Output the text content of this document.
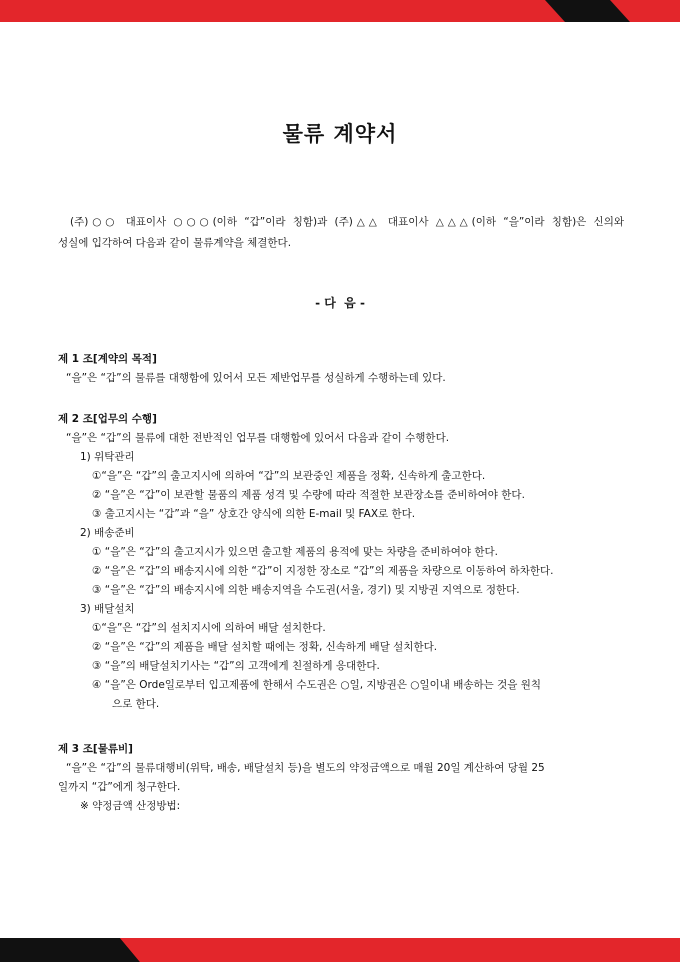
물류 계약서
(주)○○ 대표이사 ○○○(이하 “갑”이라 칭함)과 (주)△△ 대표이사 △△△(이하 “을”이라 칭함)은 신의와
성실에 입각하여 다음과 같이 물류계약을 체결한다.
- 다  음 -
제 1 조[계약의 목적]
“을”은 “갑”의 물류를 대행함에 있어서 모든 제반업무를 성실하게 수행하는데 있다.
제 2 조[업무의 수행]
“을”은 “갑”의 물류에 대한 전반적인 업무를 대행함에 있어서 다음과 같이 수행한다.
1) 위탁관리
①“을”은 “갑”의 출고지시에 의하여 “갑”의 보관중인 제품을 정확, 신속하게 출고한다.
② “을”은 “갑”이 보관할 물품의 제품 성격 및 수량에 따라 적절한 보관장소를 준비하여야 한다.
③ 출고지시는 “갑”과 “을” 상호간 양식에 의한 E-mail 및 FAX로 한다.
2) 배송준비
① “을”은 “갑”의 출고지시가 있으면 출고할 제품의 용적에 맞는 차량을 준비하여야 한다.
② “을”은 “갑”의 배송지시에 의한 “갑”이 지정한 장소로 “갑”의 제품을 차량으로 이동하여 하차한다.
③ “을”은 “갑”의 배송지시에 의한 배송지역을 수도권(서울, 경기) 및 지방권 지역으로 정한다.
3) 배달설치
①“을”은 “갑”의 설치지시에 의하여 배달 설치한다.
② “을”은 “갑”의 제품을 배달 설치할 때에는 정확, 신속하게 배달 설치한다.
③ “을”의 배달설치기사는 “갑”의 고객에게 친절하게 응대한다.
④ “을”은 Orde일로부터 입고제품에 한해서 수도권은 ○일, 지방권은 ○일이내 배송하는 것을 원칙
으로 한다.
제 3 조[물류비]
“을”은 “갑”의 물류대행비(위탁, 배송, 배달설치 등)을 별도의 약정금액으로 매월 20일 계산하여 당월 25
일까지 “갑”에게 청구한다.
※ 약정금액 산정방법:
